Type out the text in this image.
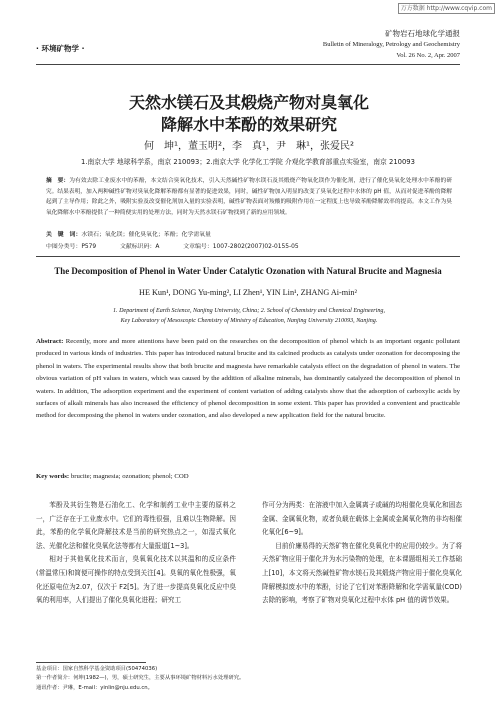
万方数据 http://www.cqvip.com
· 环境矿物学 ·
矿物岩石地球化学通报
Bulletin of Mineralogy, Petrology and Geochemistry
Vol. 26 No. 2, Apr. 2007
天然水镁石及其煅烧产物对臭氧化
降解水中苯酚的效果研究
何　坤¹，董玉明²，李　真¹，尹　琳¹，张爱民²
1.南京大学 地球科学系，南京 210093；2.南京大学 化学化工学院 介观化学教育部重点实验室，南京 210093
摘　要：为有效去除工业废水中的苯酚，本文结合臭氧化技术，引入天然碱性矿物水镁石及其煅烧产物氧化镁作为催化剂，进行了催化臭氧化处理水中苯酚的研究。结果表明，加入两种碱性矿物对臭氧化降解苯酚都有显著的促进效果，同时，碱性矿物加入明显的改变了臭氧化过程中水体的 pH 值，从而对促进苯酚的降解起到了主导作用；除此之外，吸附实验及改变催化剂加入量的实验表明，碱性矿物表面对羧酸的吸附作用在一定程度上也导致苯酚降解效率的提高。本文工作为臭氧化降解水中苯酚提供了一种简便实用的处理方法，同时为天然水镁石矿物找到了新的应用领域。
关　键　词：水镁石；氧化镁；催化臭氧化；苯酚；化学需氧量
中图分类号：P579	文献标识码：A	文章编号：1007-2802(2007)02-0155-05
The Decomposition of Phenol in Water Under Catalytic Ozonation with Natural Brucite and Magnesia
HE Kun¹, DONG Yu-ming², LI Zhen¹, YIN Lin¹, ZHANG Ai-min²
1. Department of Earth Science, Nanjing University, China; 2. School of Chemistry and Chemical Engineering,
Key Laboratory of Mesoscopic Chemistry of Ministry of Education, Nanjing University 210093, Nanjing.
Abstract: Recently, more and more attentions have been paid on the researches on the decomposition of phenol which is an important organic pollutant produced in various kinds of industries. This paper has introduced natural brucite and its calcined products as catalysts under ozonation for decomposing the phenol in waters. The experimental results show that both brucite and magnesia have remarkable catalysis effect on the degradation of phenol in waters. The obvious variation of pH values in waters, which was caused by the addition of alkaline minerals, has dominantly catalyzed the decomposition of phenol in waters. In addition, The adsorption experiment and the experiment of content variation of adding catalysts show that the adsorption of carboxylic acids by surfaces of alkali minerals has also increased the efficiency of phenol decomposition in some extent. This paper has provided a convenient and practicable method for decomposing the phenol in waters under ozonation, and also developed a new application field for the natural brucite.
Key words: brucite; magnesia; ozonation; phenol; COD

苯酚及其衍生物是石油化工、化学和制药工业中主要的原料之一，广泛存在于工业废水中。它们的毒性很强，且难以生物降解。因此，苯酚的化学氧化降解技术是当前的研究热点之一，如湿式氧化法、光催化法和催化臭氧化法等都有大量报道[1~3]。

相对于其他氧化技术而言，臭氧氧化技术以其温和的反应条件(常温常压)和简便可操作的特点受到关注[4]。臭氧的氧化性极强，氧化还原电位为2.07，仅次于 F2[5]。为了进一步提高臭氧化反应中臭氧的利用率，人们提出了催化臭氧化进程；研究工

作可分为两类：在溶液中加入金属离子或碱的均相催化臭氧化和固态金属、金属氧化物，或者负载在载体上金属或金属氧化物的非均相催化氧化[6~9]。

目前价廉易得的天然矿物在催化臭氧化中的应用仍较少。为了将天然矿物应用于催化并为水污染物的处理，在本课题组相关工作基础上[10]，本文将天然碱性矿物水镁石及其煅烧产物应用于催化臭氧化降解模拟废水中的苯酚，讨论了它们对苯酚降解和化学需氧量(COD)去除的影响，考察了矿物对臭氧化过程中水体 pH 值的调节效果。

基金项目：国家自然科学基金资助项目(50474036)
第一作者简介：何坤(1982—)，男，硕士研究生，主要从事环境矿物材料污水处理研究。
通讯作者：尹琳，E-mail：yinlin@nju.edu.cn。
